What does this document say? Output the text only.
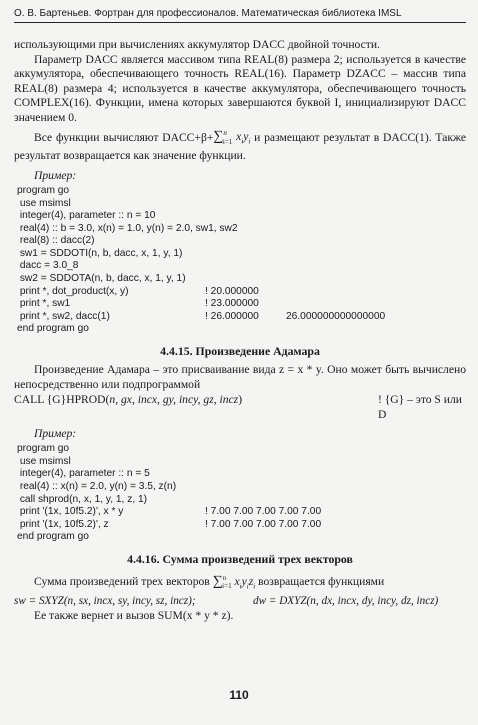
О. В. Бартеньев. Фортран для профессионалов. Математическая библиотека IMSL

использующими при вычислениях аккумулятор DACC двойной точности.

Параметр DACC является массивом типа REAL(8) размера 2; используется в качестве аккумулятора, обеспечивающего точность REAL(16). Параметр DZACC – массив типа REAL(8) размера 4; используется в качестве аккумулятора, обеспечивающего точность COMPLEX(16). Функции, имена которых завершаются буквой I, инициализируют DACC значением 0.

Все функции вычисляют DACC+β+∑$^n_{i=1}$ $x_iy_i$ и размещают результат в DACC(1). Также результат возвращается как значение функции.

Пример:
program go
use msimsl
integer(4), parameter :: n = 10
real(4) :: b = 3.0, x(n) = 1.0, y(n) = 2.0, sw1, sw2
real(8) :: dacc(2)
sw1 = SDDOTI(n, b, dacc, x, 1, y, 1)
dacc = 3.0_8
sw2 = SDDOTA(n, b, dacc, x, 1, y, 1)
print *, dot_product(x, y)	! 20.000000
print *, sw1	! 23.000000
print *, sw2, dacc(1)	! 26.000000	26.000000000000000
end program go
4.4.15. Произведение Адамара

Произведение Адамара – это присваивание вида z = x * y. Оно может быть вычислено непосредственно или подпрограммой

CALL {G}HPROD(n, gx, incx, gy, incy, gz, incz)	! {G} – это S или D
Пример:
program go
use msimsl
integer(4), parameter :: n = 5
real(4) :: x(n) = 2.0, y(n) = 3.5, z(n)
call shprod(n, x, 1, y, 1, z, 1)
print '(1x, 10f5.2)', x * y	! 7.00 7.00 7.00 7.00 7.00
print '(1x, 10f5.2)', z	! 7.00 7.00 7.00 7.00 7.00
end program go
4.4.16. Сумма произведений трех векторов

Сумма произведений трех векторов ∑$^n_{i=1}$ $x_iy_iz_i$ возвращается функциями

sw = SXYZ(n, sx, incx, sy, incy, sz, incz);	dw = DXYZ(n, dx, incx, dy, incy, dz, incz)

Ее также вернет и вызов SUM(x * y * z).

110
